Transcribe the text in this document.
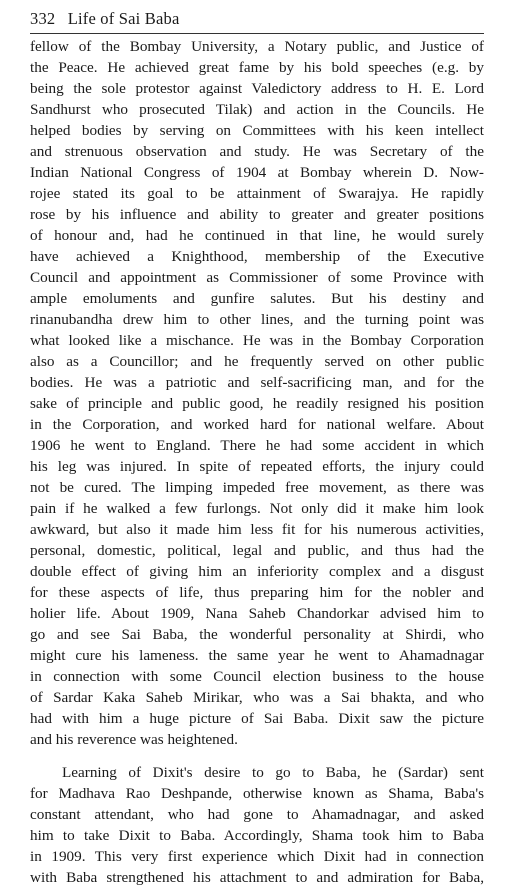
332 Life of Sai Baba
fellow of the Bombay University, a Notary public, and Justice of
the Peace. He achieved great fame by his bold speeches (e.g. by
being the sole protestor against Valedictory address to H. E. Lord
Sandhurst who prosecuted Tilak) and action in the Councils. He
helped bodies by serving on Committees with his keen intellect
and strenuous observation and study. He was Secretary of the
Indian National Congress of 1904 at Bombay wherein D. Now-
rojee stated its goal to be attainment of Swarajya. He rapidly
rose by his influence and ability to greater and greater positions
of honour and, had he continued in that line, he would surely
have achieved a Knighthood, membership of the Executive
Council and appointment as Commissioner of some Province with
ample emoluments and gunfire salutes. But his destiny and
rinanubandha drew him to other lines, and the turning point was
what looked like a mischance. He was in the Bombay Corporation
also as a Councillor; and he frequently served on other public
bodies. He was a patriotic and self-sacrificing man, and for the
sake of principle and public good, he readily resigned his position
in the Corporation, and worked hard for national welfare. About
1906 he went to England. There he had some accident in which
his leg was injured. In spite of repeated efforts, the injury could
not be cured. The limping impeded free movement, as there was
pain if he walked a few furlongs. Not only did it make him look
awkward, but also it made him less fit for his numerous activities,
personal, domestic, political, legal and public, and thus had the
double effect of giving him an inferiority complex and a disgust
for these aspects of life, thus preparing him for the nobler and
holier life. About 1909, Nana Saheb Chandorkar advised him to
go and see Sai Baba, the wonderful personality at Shirdi, who
might cure his lameness. the same year he went to Ahamadnagar
in connection with some Council election business to the house
of Sardar Kaka Saheb Mirikar, who was a Sai bhakta, and who
had with him a huge picture of Sai Baba. Dixit saw the picture
and his reverence was heightened.
Learning of Dixit's desire to go to Baba, he (Sardar) sent
for Madhava Rao Deshpande, otherwise known as Shama, Baba's
constant attendant, who had gone to Ahamadnagar, and asked
him to take Dixit to Baba. Accordingly, Shama took him to Baba
in 1909. This very first experience which Dixit had in connection
with Baba strengthened his attachment to and admiration for Baba,
